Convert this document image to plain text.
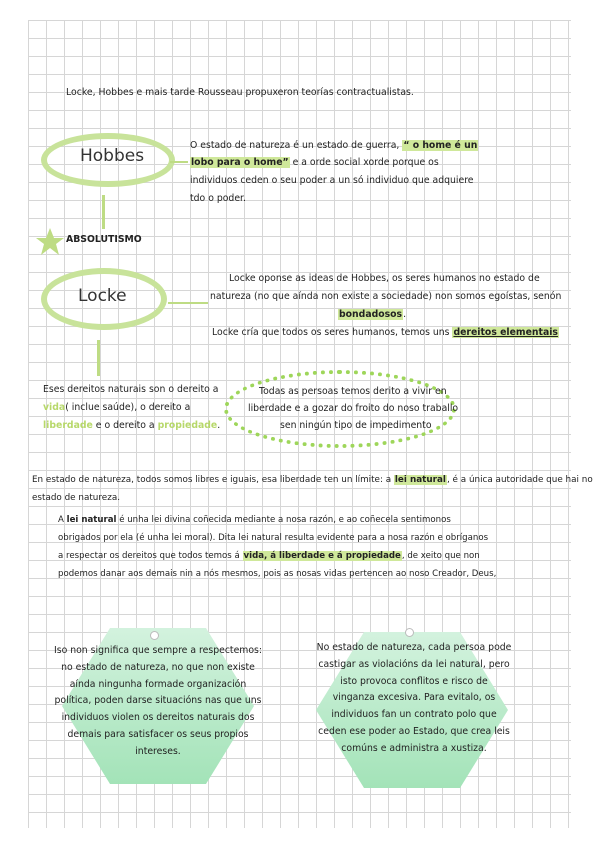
Locke, Hobbes e mais tarde Rousseau propuxeron teorías contractualistas.
Hobbes
O estado de natureza é un estado de guerra, “ o home é un
lobo para o home” e a orde social xorde porque os
individuos ceden o seu poder a un só individuo que adquiere
tdo o poder.
ABSOLUTISMO
Locke
Locke oponse as ideas de Hobbes, os seres humanos no estado de
natureza (no que aínda non existe a sociedade) non somos egoístas, senón
bondadosos.
Locke cría que todos os seres humanos, temos uns dereitos elementais
Eses dereitos naturais son o dereito a
vida( inclue saúde), o dereito a
liberdade e o dereito a propiedade.
Todas as persoas temos derito a vivir en
liberdade e a gozar do froito do noso traballo
sen ningún tipo de impedimento
En estado de natureza, todos somos libres e iguais, esa liberdade ten un límite: a lei natural, é a única autoridade que hai no
estado de natureza.
A lei natural é unha lei divina coñecida mediante a nosa razón, e ao coñecela sentimonos
obrigados por ela (é unha lei moral). Dita lei natural resulta evidente para a nosa razón e obríganos
a respectar os dereitos que todos temos á vida, á liberdade e á propiedade, de xeito que non
podemos danar aos demais nin a nós mesmos, pois as nosas vidas pertencen ao noso Creador, Deus,
Iso non significa que sempre a respectemos:
no estado de natureza, no que non existe
aínda ningunha formade organización
política, poden darse situacións nas que uns
individuos violen os dereitos naturais dos
demais para satisfacer os seus propios
intereses.
No estado de natureza, cada persoa pode
castigar as violacións da lei natural, pero
isto provoca conflitos e risco de
vinganza excesiva. Para evitalo, os
individuos fan un contrato polo que
ceden ese poder ao Estado, que crea leis
comúns e administra a xustiza.
